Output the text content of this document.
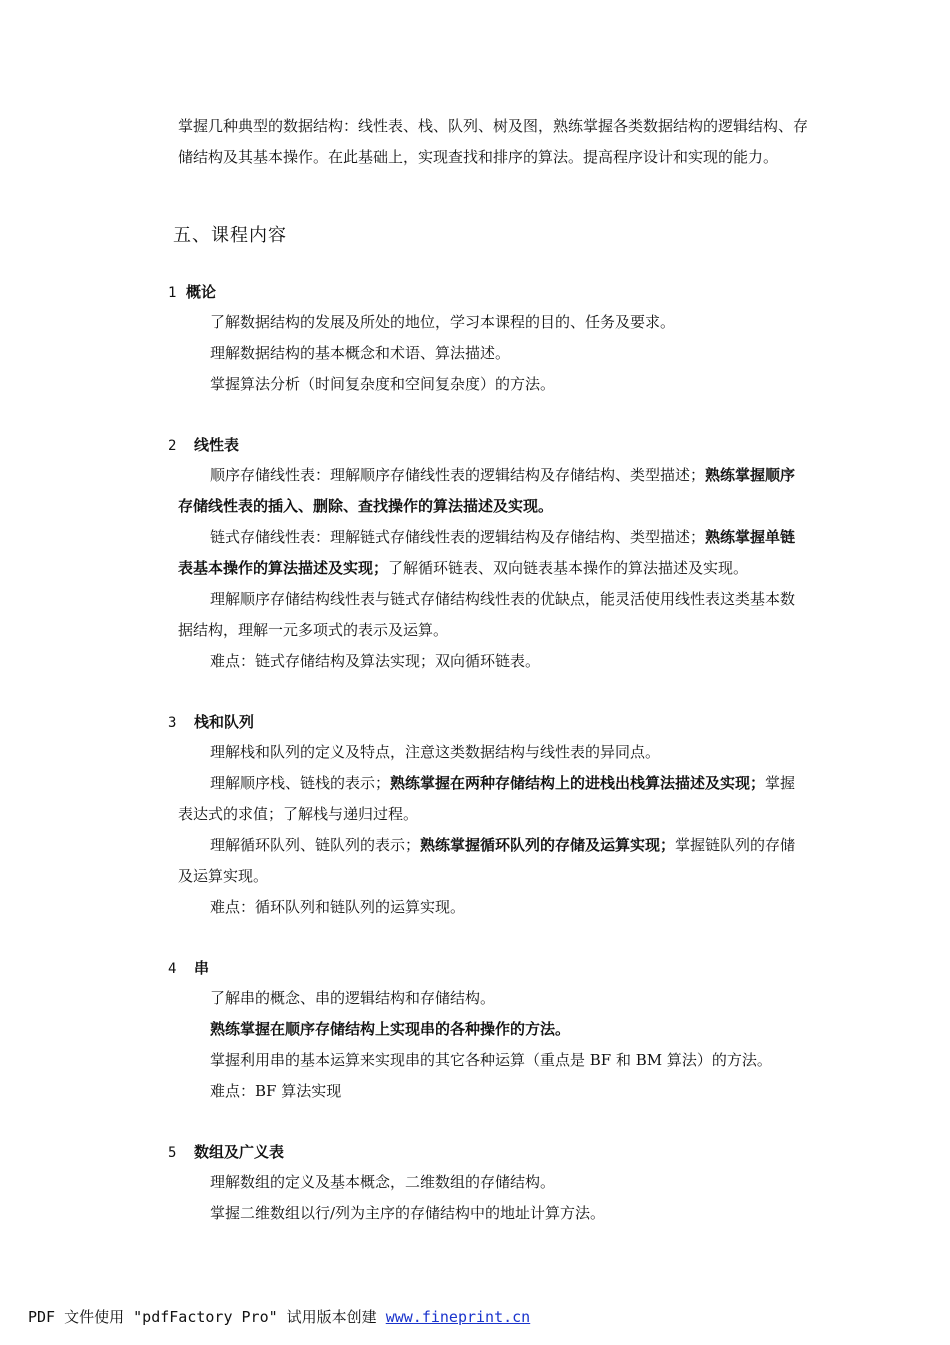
掌握几种典型的数据结构：线性表、栈、队列、树及图，熟练掌握各类数据结构的逻辑结构、存储结构及其基本操作。在此基础上，实现查找和排序的算法。提高程序设计和实现的能力。

五、课程内容

1 概论

了解数据结构的发展及所处的地位，学习本课程的目的、任务及要求。

理解数据结构的基本概念和术语、算法描述。

掌握算法分析（时间复杂度和空间复杂度）的方法。

2 线性表

顺序存储线性表：理解顺序存储线性表的逻辑结构及存储结构、类型描述；熟练掌握顺序存储线性表的插入、删除、查找操作的算法描述及实现。

链式存储线性表：理解链式存储线性表的逻辑结构及存储结构、类型描述；熟练掌握单链表基本操作的算法描述及实现；了解循环链表、双向链表基本操作的算法描述及实现。

理解顺序存储结构线性表与链式存储结构线性表的优缺点，能灵活使用线性表这类基本数据结构，理解一元多项式的表示及运算。

难点：链式存储结构及算法实现；双向循环链表。

3 栈和队列

理解栈和队列的定义及特点，注意这类数据结构与线性表的异同点。

理解顺序栈、链栈的表示；熟练掌握在两种存储结构上的进栈出栈算法描述及实现；掌握表达式的求值；了解栈与递归过程。

理解循环队列、链队列的表示；熟练掌握循环队列的存储及运算实现；掌握链队列的存储及运算实现。

难点：循环队列和链队列的运算实现。

4 串

了解串的概念、串的逻辑结构和存储结构。

熟练掌握在顺序存储结构上实现串的各种操作的方法。

掌握利用串的基本运算来实现串的其它各种运算（重点是 BF 和 BM 算法）的方法。

难点：BF 算法实现

5 数组及广义表

理解数组的定义及基本概念，二维数组的存储结构。

掌握二维数组以行/列为主序的存储结构中的地址计算方法。

PDF 文件使用 "pdfFactory Pro" 试用版本创建 www.fineprint.cn
